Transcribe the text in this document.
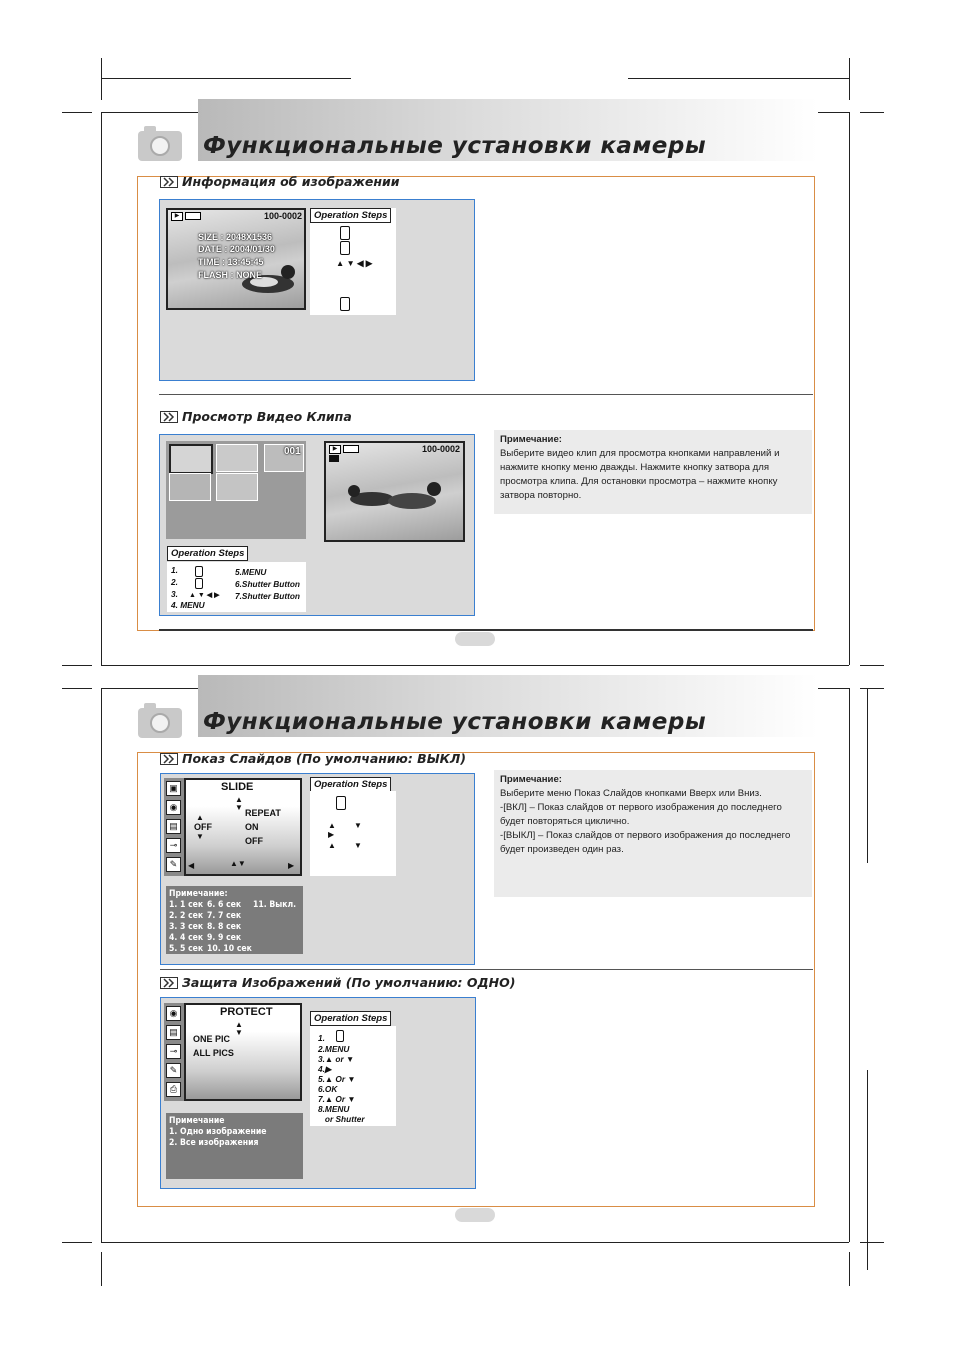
Функциональные установки камеры
Информация об изображении
▶	100-0002
SIZE : 2048X1536
DATE : 2004/01/30
TIME : 13:45:45
FLASH : NONE
Operation Steps
▲ ▼ ◀ ▶
Просмотр Видео Клипа
001	▶	100-0002
Operation Steps
1.
2.
3.
4. MENU
▲ ▼ ◀ ▶
5.MENU
6.Shutter Button
7.Shutter Button
Примечание:
Выберите видео клип для просмотра кнопками направлений и нажмите кнопку меню дважды. Нажмите кнопку затвора для просмотра клипа. Для остановки просмотра – нажмите кнопку затвора повторно.
Функциональные установки камеры
Показ Слайдов (По умолчанию: ВЫКЛ)
▣
◉
▤
⊸
✎
SLIDE
▲
▼
▲
OFF
▼
REPEAT
ON
OFF
◀	▲▼	▶
Operation Steps
▲ ▼
▶
▲ ▼
Примечание:
1. 1 сек 6. 6 сек 11. Выкл.
2. 2 сек 7. 7 сек
3. 3 сек 8. 8 сек
4. 4 сек 9. 9 сек
5. 5 сек 10. 10 сек
Примечание:
Выберите меню Показ Слайдов кнопками Вверх или Вниз.
-[ВКЛ] – Показ слайдов от первого изображения до последнего будет повторяться циклично.
-[ВЫКЛ] – Показ слайдов от первого изображения до последнего будет произведен один раз.
Защита Изображений (По умолчанию: ОДНО)
◉
▤
⊸
✎
⎙
PROTECT
▲
▼
ONE PIC
ALL PICS
Operation Steps
1.
2.MENU
3.▲ or ▼
4.▶
5.▲ Or ▼
6.OK
7.▲ Or ▼
8.MENU
or Shutter
Примечание
1. Одно изображение
2. Все изображения
